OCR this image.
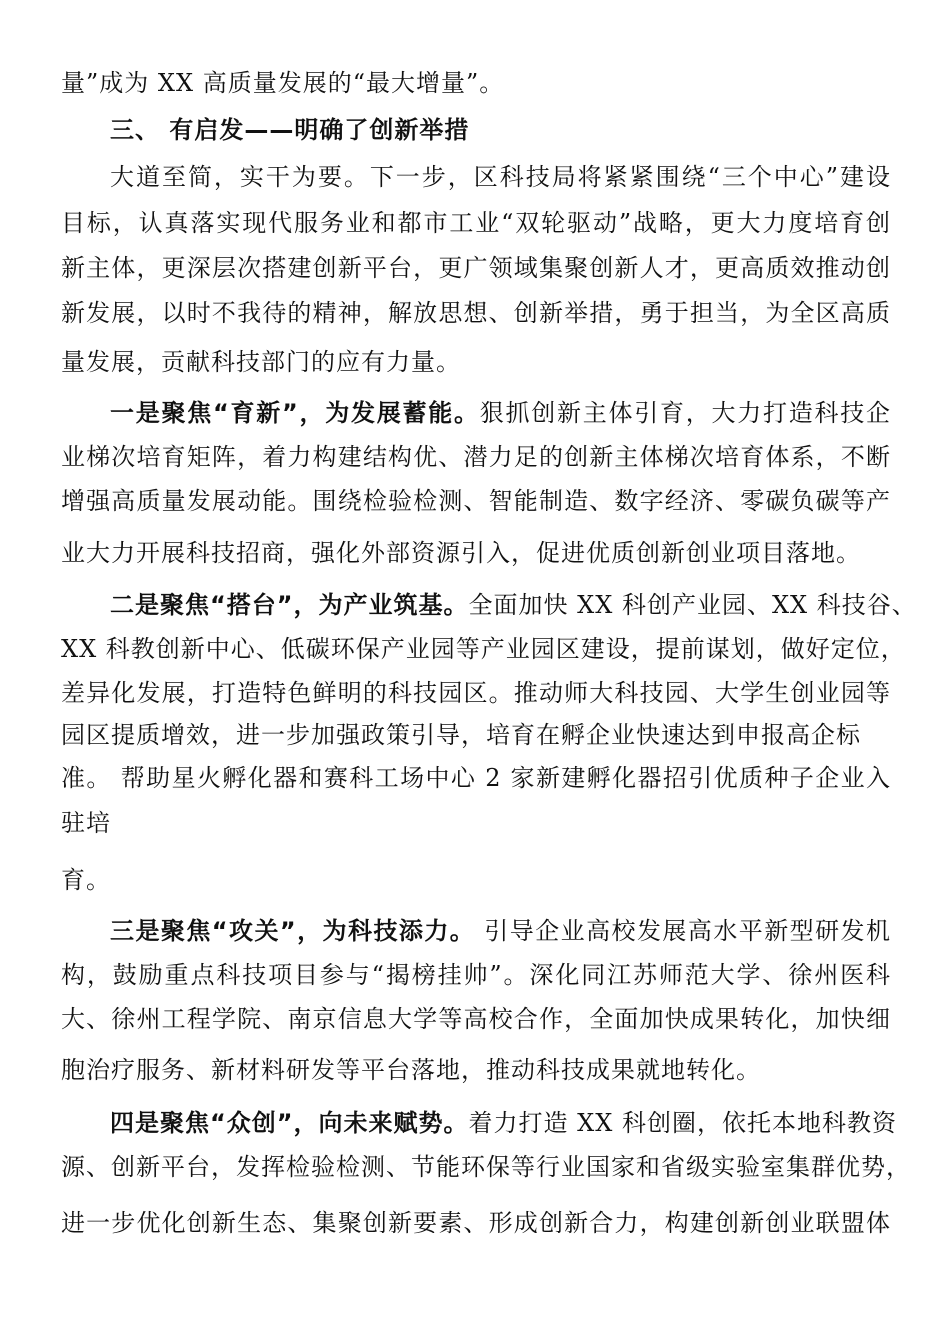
量”成为 XX 高质量发展的“最大增量”。
三、 有启发——明确了创新举措
大道至简，实干为要。下一步，区科技局将紧紧围绕“三个中心”建设
目标，认真落实现代服务业和都市工业“双轮驱动”战略，更大力度培育创
新主体，更深层次搭建创新平台，更广领域集聚创新人才，更高质效推动创
新发展，以时不我待的精神，解放思想、创新举措，勇于担当，为全区高质
量发展，贡献科技部门的应有力量。
一是聚焦“育新”，为发展蓄能。狠抓创新主体引育，大力打造科技企
业梯次培育矩阵，着力构建结构优、潜力足的创新主体梯次培育体系，不断
增强高质量发展动能。围绕检验检测、智能制造、数字经济、零碳负碳等产
业大力开展科技招商，强化外部资源引入，促进优质创新创业项目落地。
二是聚焦“搭台”，为产业筑基。全面加快 XX 科创产业园、XX 科技谷、
XX 科教创新中心、低碳环保产业园等产业园区建设，提前谋划，做好定位，
差异化发展，打造特色鲜明的科技园区。推动师大科技园、大学生创业园等
园区提质增效，进一步加强政策引导，培育在孵企业快速达到申报高企标
准。 帮助星火孵化器和赛科工场中心 2 家新建孵化器招引优质种子企业入
驻培
育。
三是聚焦“攻关”，为科技添力。 引导企业高校发展高水平新型研发机
构，鼓励重点科技项目参与“揭榜挂帅”。深化同江苏师范大学、徐州医科
大、徐州工程学院、南京信息大学等高校合作，全面加快成果转化，加快细
胞治疗服务、新材料研发等平台落地，推动科技成果就地转化。
四是聚焦“众创”，向未来赋势。着力打造 XX 科创圈，依托本地科教资
源、创新平台，发挥检验检测、节能环保等行业国家和省级实验室集群优势，
进一步优化创新生态、集聚创新要素、形成创新合力，构建创新创业联盟体
